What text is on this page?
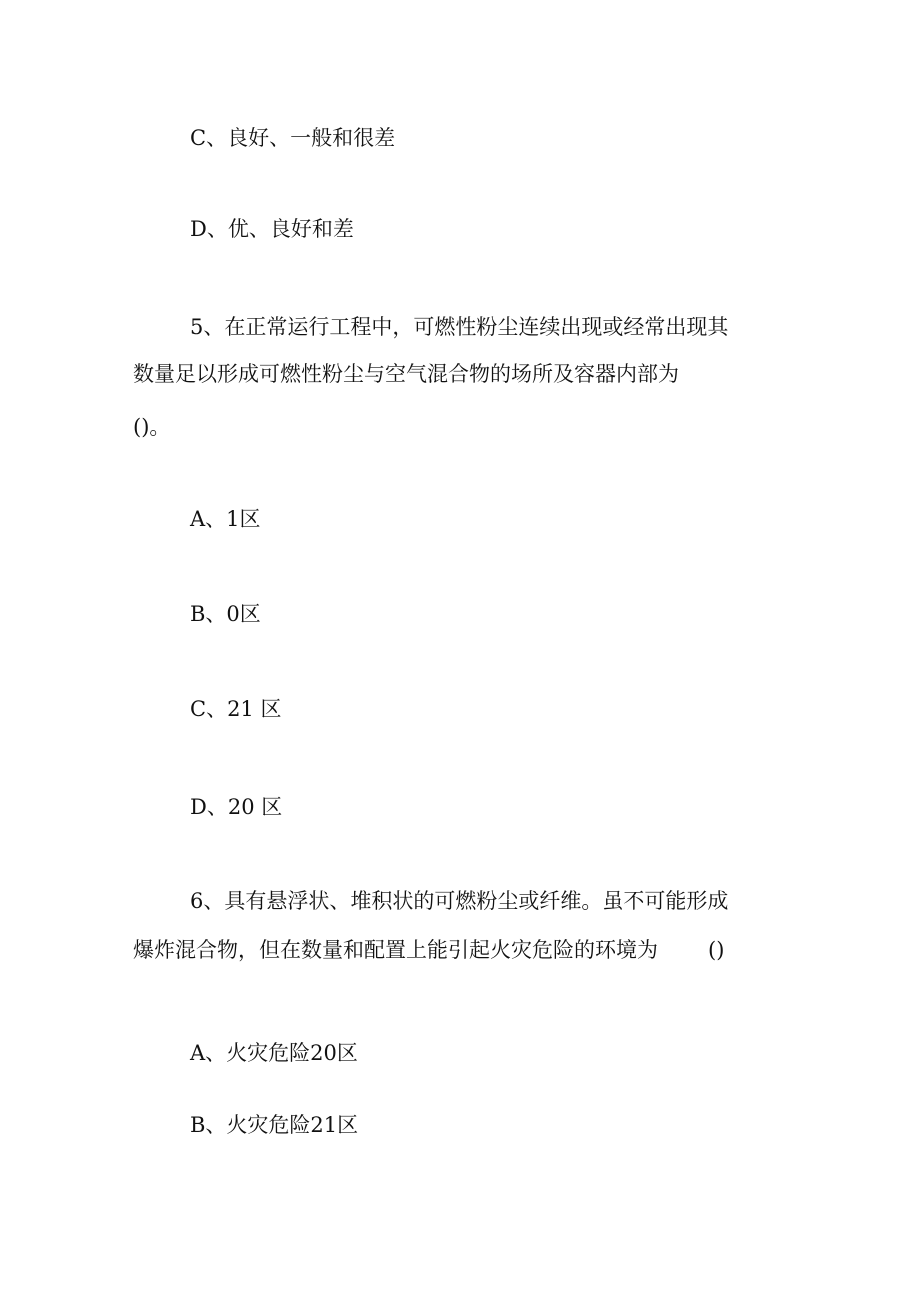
C、良好、一般和很差
D、优、良好和差
5、在正常运行工程中，可燃性粉尘连续出现或经常出现其
数量足以形成可燃性粉尘与空气混合物的场所及容器内部为
()。
A、1区
B、0区
C、21 区
D、20 区
6、具有悬浮状、堆积状的可燃粉尘或纤维。虽不可能形成
爆炸混合物，但在数量和配置上能引起火灾危险的环境为 ()
A、火灾危险20区
B、火灾危险21区
